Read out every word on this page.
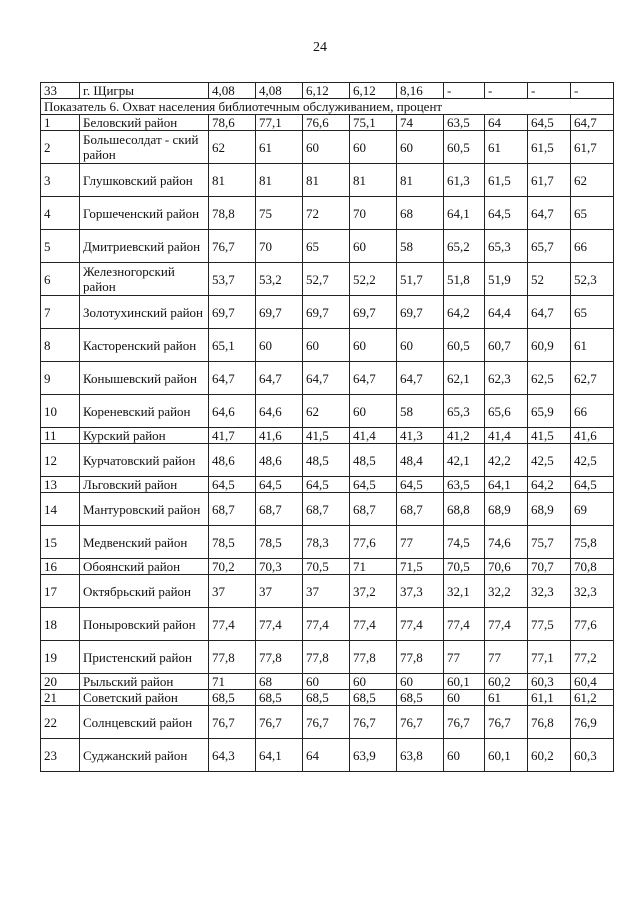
24
33	г. Щигры	4,08	4,08	6,12	6,12	8,16	-	-	-	-
Показатель 6. Охват населения библиотечным обслуживанием, процент										
1	Беловский район	78,6	77,1	76,6	75,1	74	63,5	64	64,5	64,7
2	Большесолдат - ский район	62	61	60	60	60	60,5	61	61,5	61,7
3	Глушковский район	81	81	81	81	81	61,3	61,5	61,7	62
4	Горшеченский район	78,8	75	72	70	68	64,1	64,5	64,7	65
5	Дмитриевский район	76,7	70	65	60	58	65,2	65,3	65,7	66
6	Железногорский район	53,7	53,2	52,7	52,2	51,7	51,8	51,9	52	52,3
7	Золотухинский район	69,7	69,7	69,7	69,7	69,7	64,2	64,4	64,7	65
8	Касторенский район	65,1	60	60	60	60	60,5	60,7	60,9	61
9	Конышевский район	64,7	64,7	64,7	64,7	64,7	62,1	62,3	62,5	62,7
10	Кореневский район	64,6	64,6	62	60	58	65,3	65,6	65,9	66
11	Курский район	41,7	41,6	41,5	41,4	41,3	41,2	41,4	41,5	41,6
12	Курчатовский район	48,6	48,6	48,5	48,5	48,4	42,1	42,2	42,5	42,5
13	Льговский район	64,5	64,5	64,5	64,5	64,5	63,5	64,1	64,2	64,5
14	Мантуровский район	68,7	68,7	68,7	68,7	68,7	68,8	68,9	68,9	69
15	Медвенский район	78,5	78,5	78,3	77,6	77	74,5	74,6	75,7	75,8
16	Обоянский район	70,2	70,3	70,5	71	71,5	70,5	70,6	70,7	70,8
17	Октябрьский район	37	37	37	37,2	37,3	32,1	32,2	32,3	32,3
18	Поныровский район	77,4	77,4	77,4	77,4	77,4	77,4	77,4	77,5	77,6
19	Пристенский район	77,8	77,8	77,8	77,8	77,8	77	77	77,1	77,2
20	Рыльский район	71	68	60	60	60	60,1	60,2	60,3	60,4
21	Советский район	68,5	68,5	68,5	68,5	68,5	60	61	61,1	61,2
22	Солнцевский район	76,7	76,7	76,7	76,7	76,7	76,7	76,7	76,8	76,9
23	Суджанский район	64,3	64,1	64	63,9	63,8	60	60,1	60,2	60,3
